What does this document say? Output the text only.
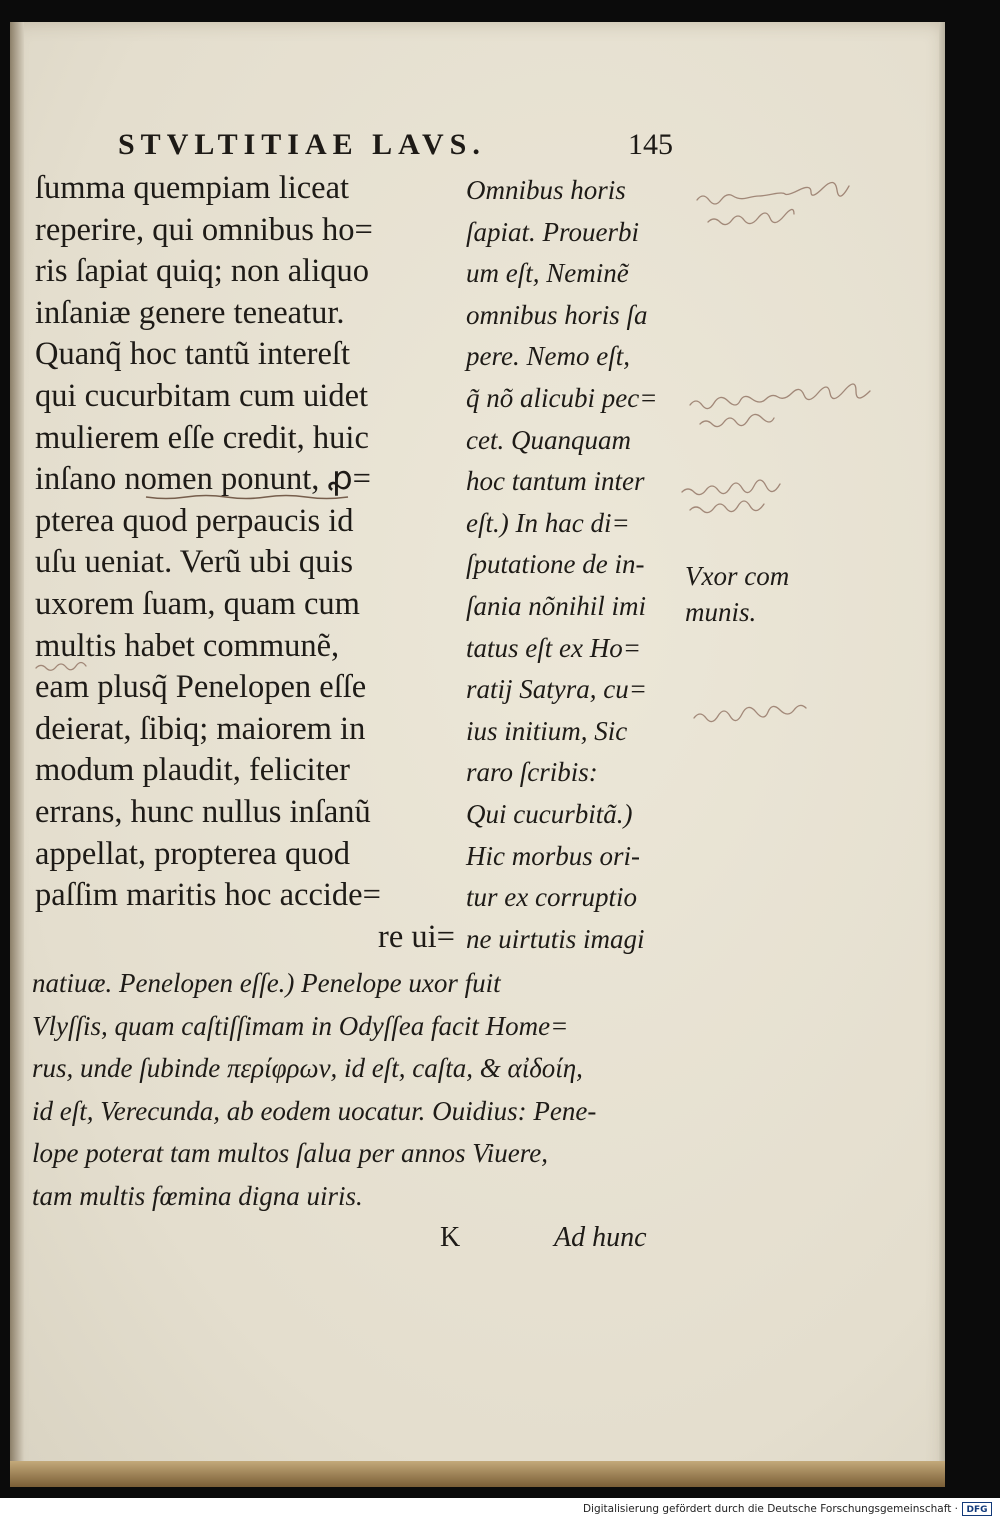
STVLTITIAE LAVS.	145
ſumma quempiam liceat
reperire, qui omnibus ho=
ris ſapiat quiq; non aliquo
inſaniæ genere teneatur.
Quanq̃ hoc tantũ intereſt
qui cucurbitam cum uidet
mulierem eſſe credit, huic
inſano nomen ponunt, ꝓ=
pterea quod perpaucis id
uſu ueniat. Verũ ubi quis
uxorem ſuam, quam cum
multis habet communẽ,
eam plusq̃ Penelopen eſſe
deierat, ſibiq; maiorem in
modum plaudit, feliciter
errans, hunc nullus inſanũ
appellat, propterea quod
paſſim maritis hoc accide=
re ui=
Omnibus horis
ſapiat. Prouerbi
um eſt, Neminẽ
omnibus horis ſa
pere. Nemo eſt,
q̃ nõ alicubi pec=
cet. Quanquam
hoc tantum inter
eſt.) In hac di=
ſputatione de in-
ſania nõnihil imi
tatus eſt ex Ho=
ratij Satyra, cu=
ius initium, Sic
raro ſcribis:
Qui cucurbitã.)
Hic morbus ori-
tur ex corruptio
ne uirtutis imagi
Vxor com
munis.
natiuæ. Penelopen eſſe.) Penelope uxor fuit
Vlyſſis, quam caſtiſſimam in Odyſſea facit Home=
rus, unde ſubinde περίφρων, id eſt, caſta, & αἰδοίη,
id eſt, Verecunda, ab eodem uocatur. Ouidius: Pene-
lope poterat tam multos ſalua per annos Viuere,
tam multis fœmina digna uiris.
K	Ad hunc
Digitalisierung gefördert durch die Deutsche Forschungsgemeinschaft · DFG
